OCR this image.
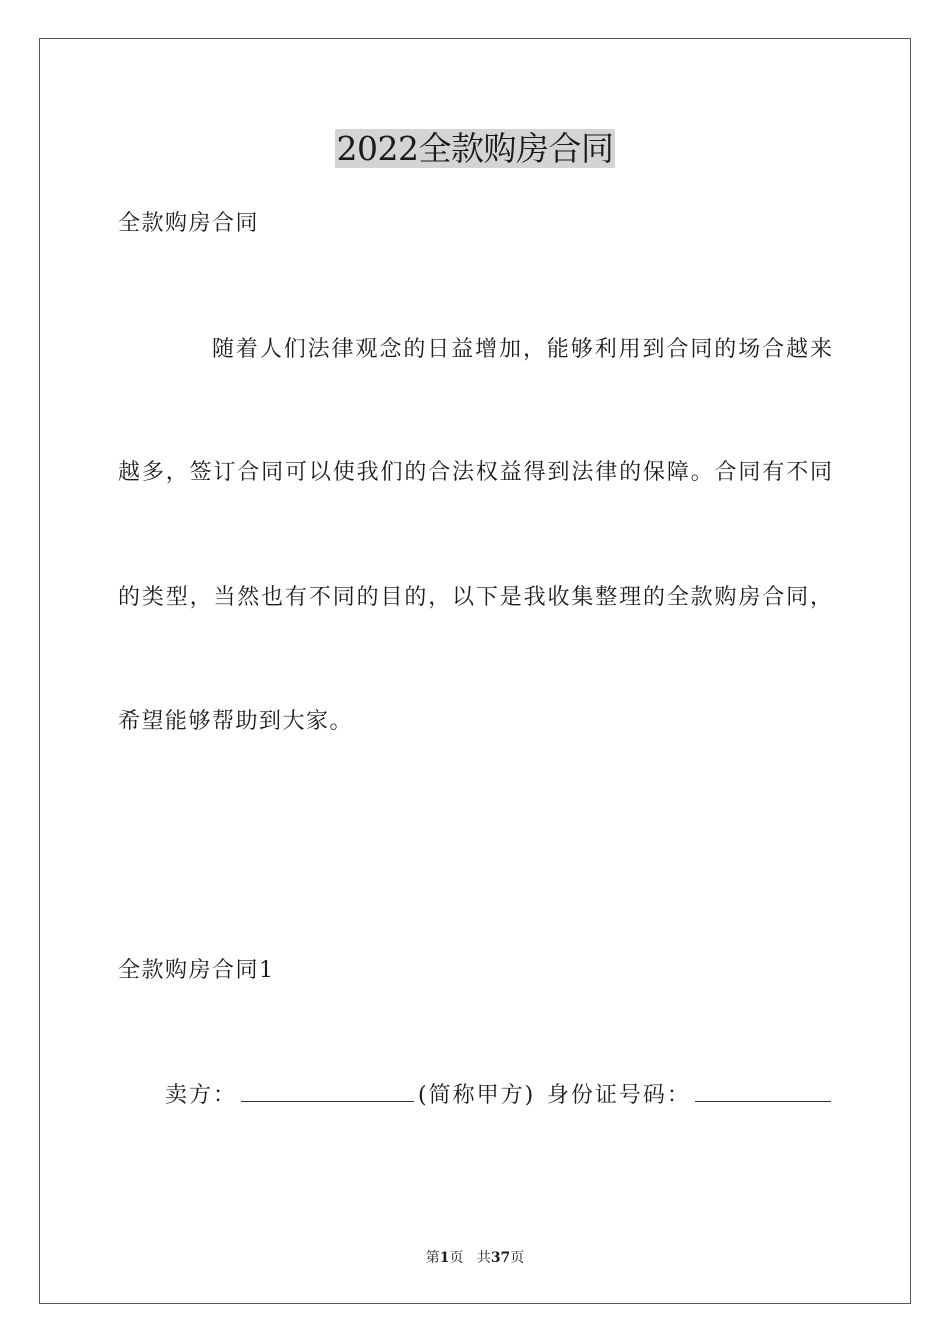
2022全款购房合同
全款购房合同
随着人们法律观念的日益增加，能够利用到合同的场合越来
越多，签订合同可以使我们的合法权益得到法律的保障。合同有不同
的类型，当然也有不同的目的，以下是我收集整理的全款购房合同，
希望能够帮助到大家。
全款购房合同1
卖方：	(简称甲方) 身份证号码：
第1页 共37页
